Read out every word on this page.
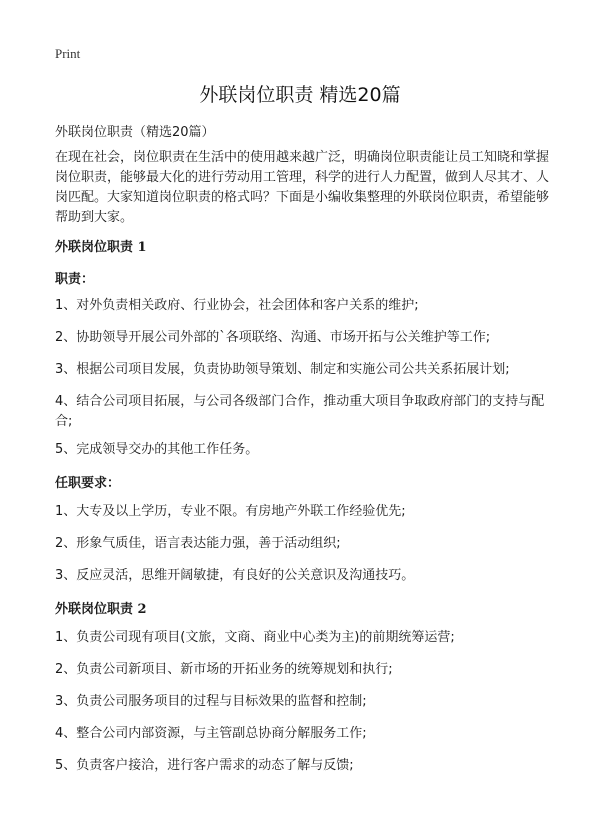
Print
外联岗位职责 精选20篇
外联岗位职责（精选20篇）

在现在社会，岗位职责在生活中的使用越来越广泛，明确岗位职责能让员工知晓和掌握岗位职责，能够最大化的进行劳动用工管理，科学的进行人力配置，做到人尽其才、人岗匹配。大家知道岗位职责的格式吗？下面是小编收集整理的外联岗位职责，希望能够帮助到大家。

外联岗位职责 1
职责：

1、对外负责相关政府、行业协会，社会团体和客户关系的维护;

2、协助领导开展公司外部的`各项联络、沟通、市场开拓与公关维护等工作;

3、根据公司项目发展，负责协助领导策划、制定和实施公司公共关系拓展计划;

4、结合公司项目拓展，与公司各级部门合作，推动重大项目争取政府部门的支持与配合;

5、完成领导交办的其他工作任务。

任职要求：

1、大专及以上学历，专业不限。有房地产外联工作经验优先;

2、形象气质佳，语言表达能力强，善于活动组织;

3、反应灵活，思维开阔敏捷，有良好的公关意识及沟通技巧。

外联岗位职责 2

1、负责公司现有项目(文旅，文商、商业中心类为主)的前期统筹运营;

2、负责公司新项目、新市场的开拓业务的统筹规划和执行;

3、负责公司服务项目的过程与目标效果的监督和控制;

4、整合公司内部资源，与主管副总协商分解服务工作;

5、负责客户接洽，进行客户需求的动态了解与反馈;
